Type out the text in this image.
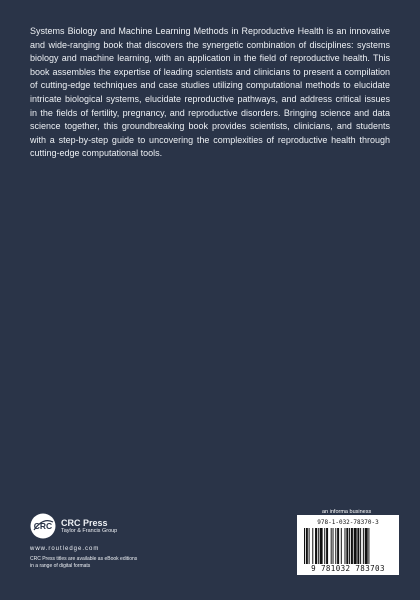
Systems Biology and Machine Learning Methods in Reproductive Health is an innovative and wide-ranging book that discovers the synergetic combination of disciplines: systems biology and machine learning, with an application in the field of reproductive health. This book assembles the expertise of leading scientists and clinicians to present a compilation of cutting-edge techniques and case studies utilizing computational methods to elucidate intricate biological systems, elucidate reproductive pathways, and address critical issues in the fields of fertility, pregnancy, and reproductive disorders. Bringing science and data science together, this groundbreaking book provides scientists, clinicians, and students with a step-by-step guide to uncovering the complexities of reproductive health through cutting-edge computational tools.

an informa business
CRC CRC Press
Taylor & Francis Group
www.routledge.com
CRC Press titles are available as eBook editions in a range of digital formats
978-1-032-78370-3
9 781032 783703
